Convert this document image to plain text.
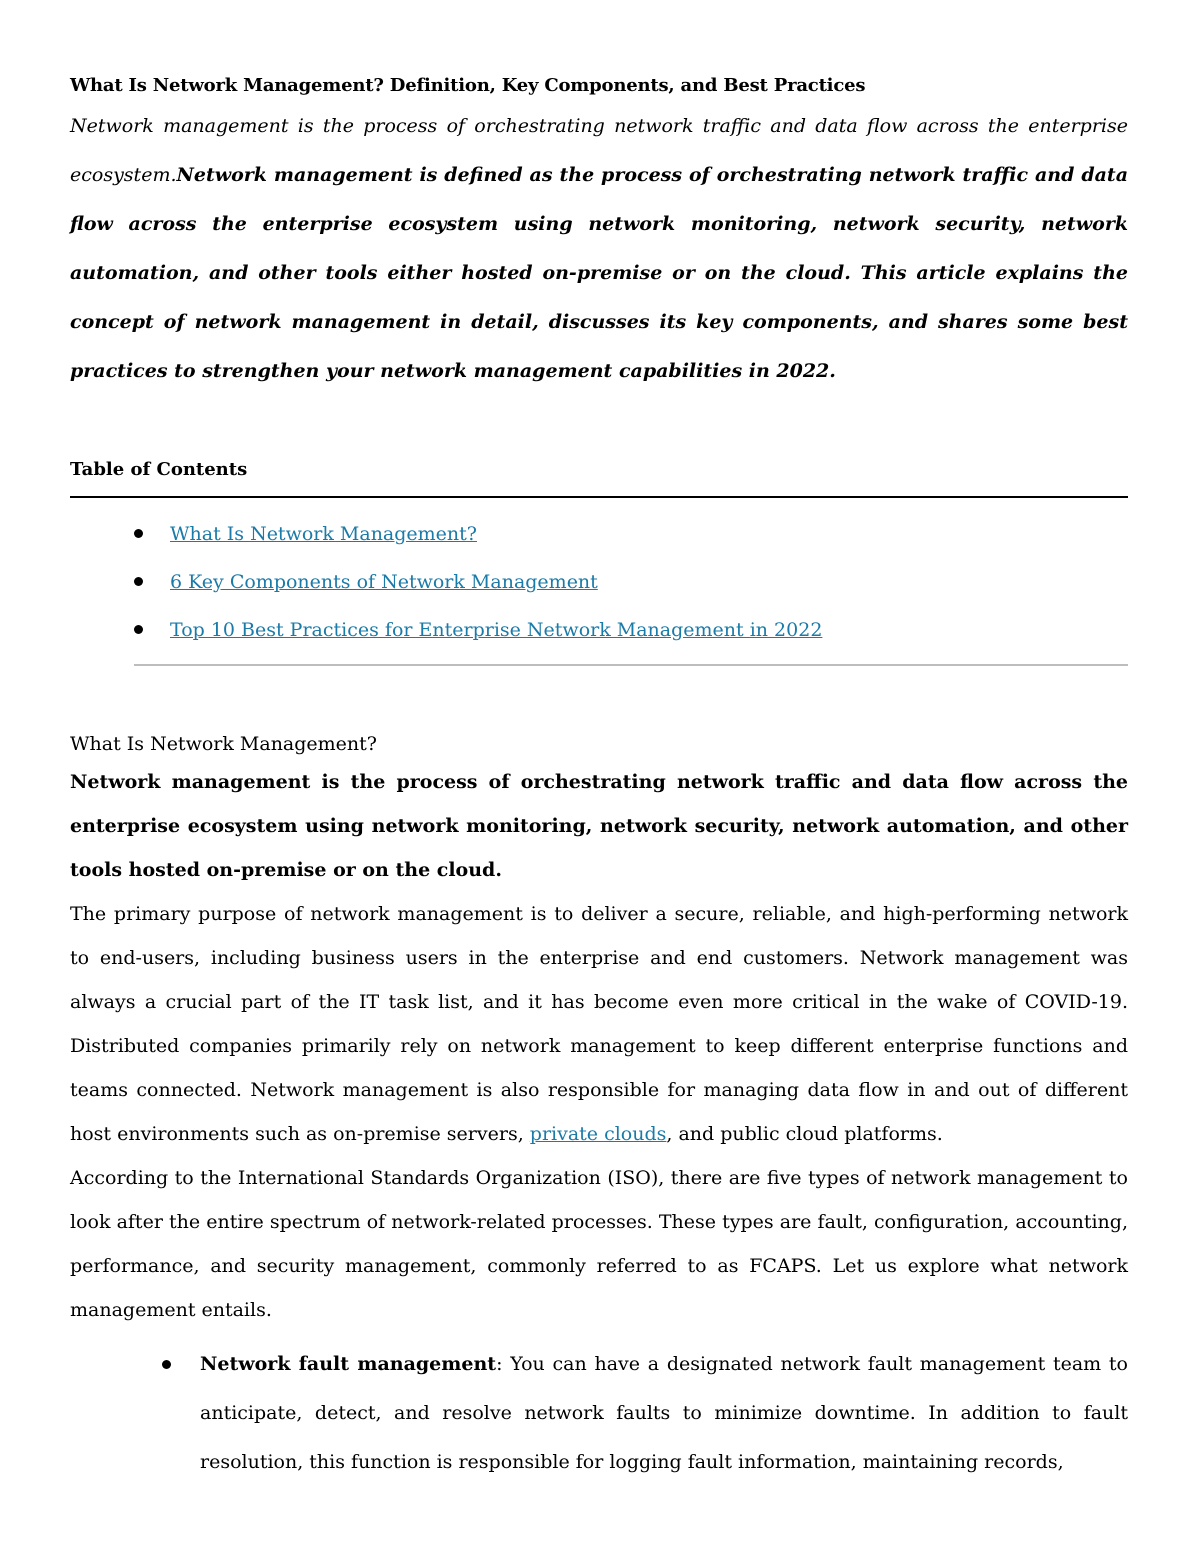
What Is Network Management? Definition, Key Components, and Best Practices

Network management is the process of orchestrating network traffic and data flow across the enterprise ecosystem.Network management is defined as the process of orchestrating network traffic and data flow across the enterprise ecosystem using network monitoring, network security, network automation, and other tools either hosted on-premise or on the cloud. This article explains the concept of network management in detail, discusses its key components, and shares some best practices to strengthen your network management capabilities in 2022.

Table of Contents
What Is Network Management?
6 Key Components of Network Management
Top 10 Best Practices for Enterprise Network Management in 2022

What Is Network Management?

Network management is the process of orchestrating network traffic and data flow across the enterprise ecosystem using network monitoring, network security, network automation, and other tools hosted on-premise or on the cloud.

The primary purpose of network management is to deliver a secure, reliable, and high-performing network to end-users, including business users in the enterprise and end customers. Network management was always a crucial part of the IT task list, and it has become even more critical in the wake of COVID-19. Distributed companies primarily rely on network management to keep different enterprise functions and teams connected. Network management is also responsible for managing data flow in and out of different host environments such as on-premise servers, private clouds, and public cloud platforms.

According to the International Standards Organization (ISO), there are five types of network management to look after the entire spectrum of network-related processes. These types are fault, configuration, accounting, performance, and security management, commonly referred to as FCAPS. Let us explore what network management entails.

Network fault management: You can have a designated network fault management team to anticipate, detect, and resolve network faults to minimize downtime. In addition to fault resolution, this function is responsible for logging fault information, maintaining records,
